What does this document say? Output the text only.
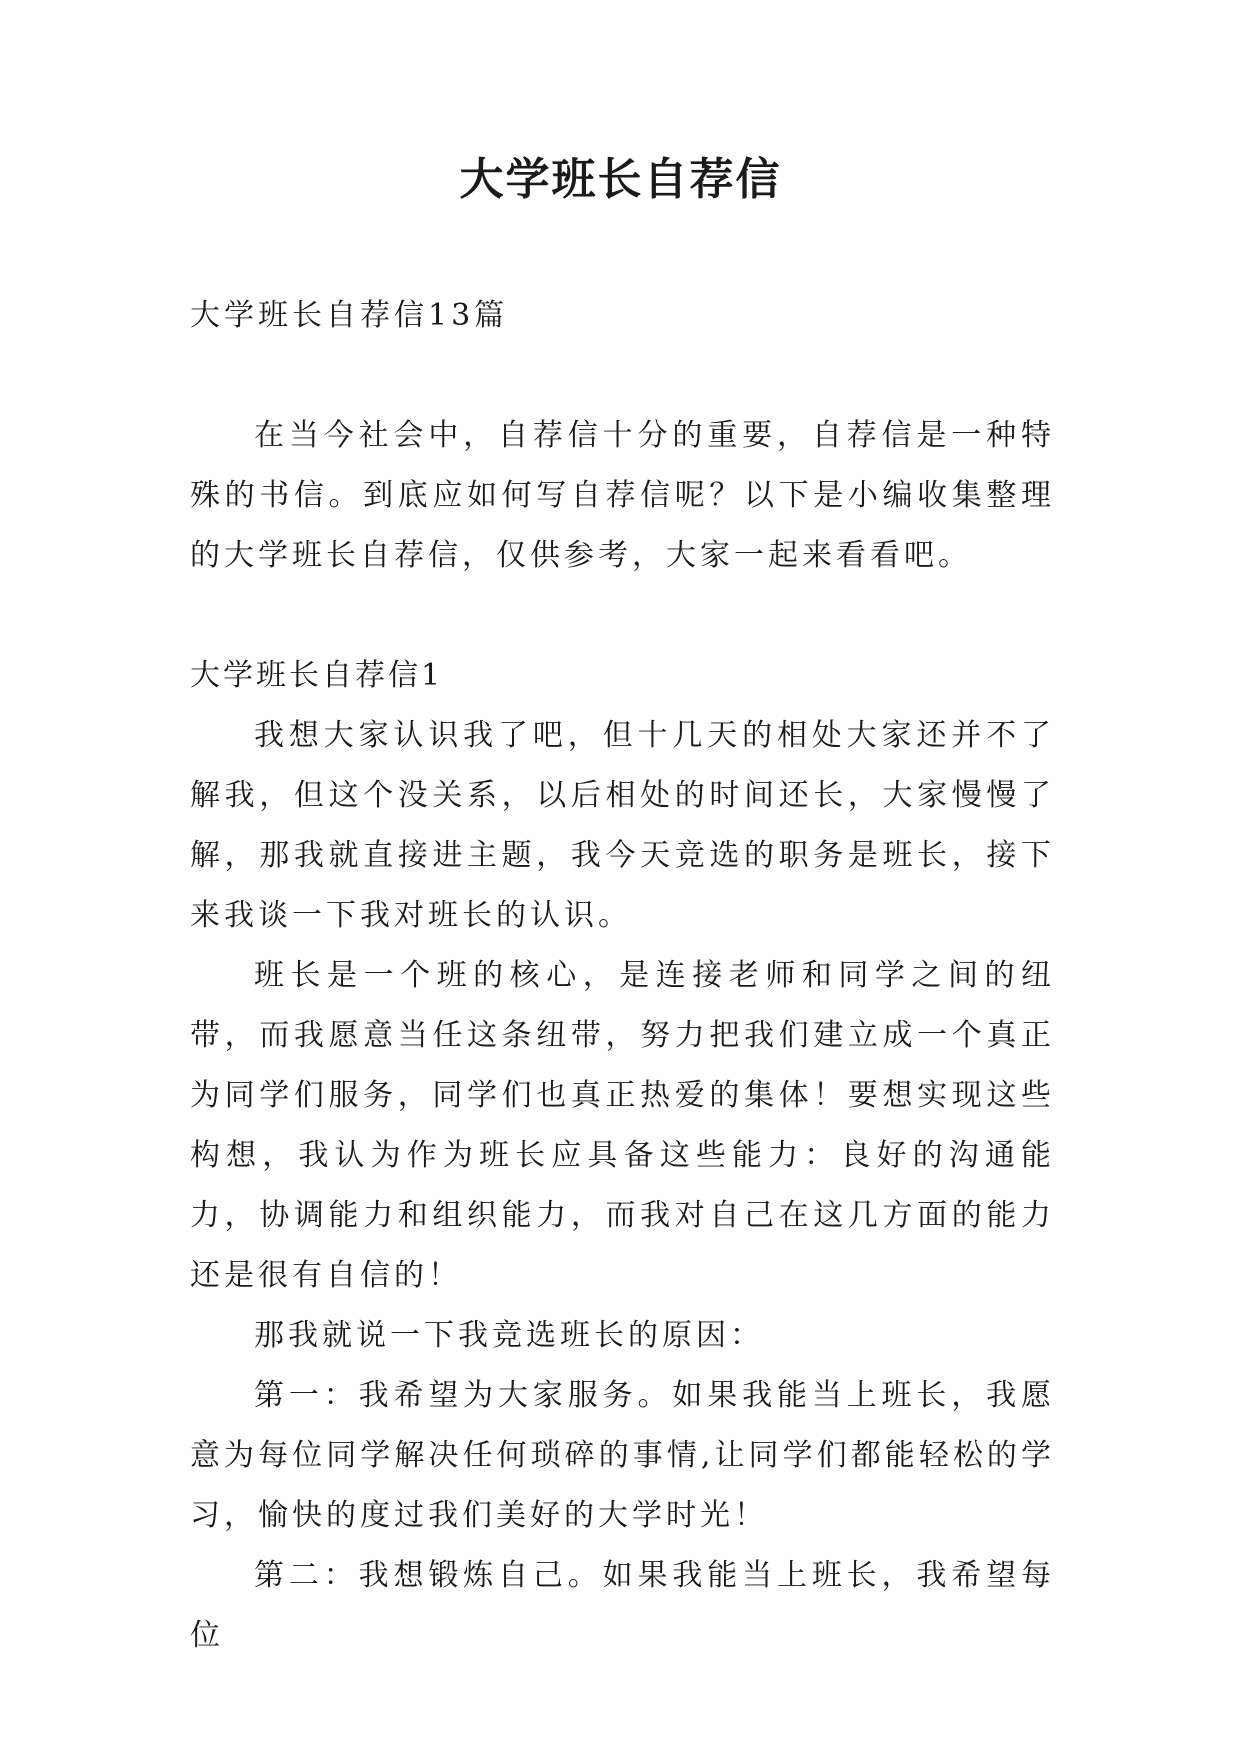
大学班长自荐信

大学班长自荐信13篇

在当今社会中，自荐信十分的重要，自荐信是一种特殊的书信。到底应如何写自荐信呢？以下是小编收集整理的大学班长自荐信，仅供参考，大家一起来看看吧。

大学班长自荐信1

我想大家认识我了吧，但十几天的相处大家还并不了解我，但这个没关系，以后相处的时间还长，大家慢慢了解，那我就直接进主题，我今天竞选的职务是班长，接下来我谈一下我对班长的认识。

班长是一个班的核心，是连接老师和同学之间的纽带，而我愿意当任这条纽带，努力把我们建立成一个真正为同学们服务，同学们也真正热爱的集体！要想实现这些构想，我认为作为班长应具备这些能力：良好的沟通能力，协调能力和组织能力，而我对自己在这几方面的能力还是很有自信的！

那我就说一下我竞选班长的原因：

第一：我希望为大家服务。如果我能当上班长，我愿意为每位同学解决任何琐碎的事情,让同学们都能轻松的学习，愉快的度过我们美好的大学时光！

第二：我想锻炼自己。如果我能当上班长，我希望每位
